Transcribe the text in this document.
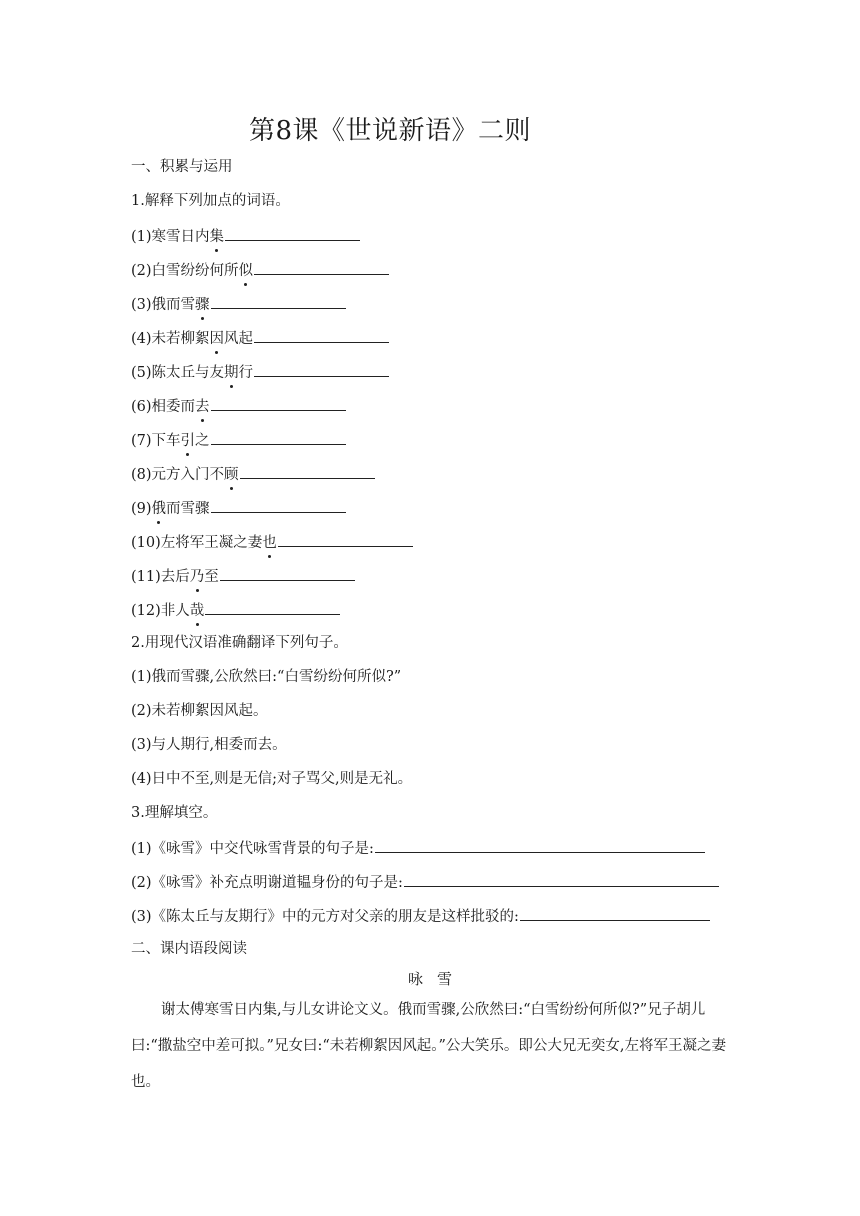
第8课《世说新语》二则
一、积累与运用
1.解释下列加点的词语。
(1)寒雪日内集
(2)白雪纷纷何所似
(3)俄而雪骤
(4)未若柳絮因风起
(5)陈太丘与友期行
(6)相委而去
(7)下车引之
(8)元方入门不顾
(9)俄而雪骤
(10)左将军王凝之妻也
(11)去后乃至
(12)非人哉
2.用现代汉语准确翻译下列句子。
(1)俄而雪骤,公欣然曰:“白雪纷纷何所似?”
(2)未若柳絮因风起。
(3)与人期行,相委而去。
(4)日中不至,则是无信;对子骂父,则是无礼。
3.理解填空。
(1)《咏雪》中交代咏雪背景的句子是:
(2)《咏雪》补充点明谢道韫身份的句子是:
(3)《陈太丘与友期行》中的元方对父亲的朋友是这样批驳的:
二、课内语段阅读
咏雪
谢太傅寒雪日内集,与儿女讲论文义。俄而雪骤,公欣然曰:“白雪纷纷何所似?”兄子胡儿曰:“撒盐空中差可拟。”兄女曰:“未若柳絮因风起。”公大笑乐。即公大兄无奕女,左将军王凝之妻也。
